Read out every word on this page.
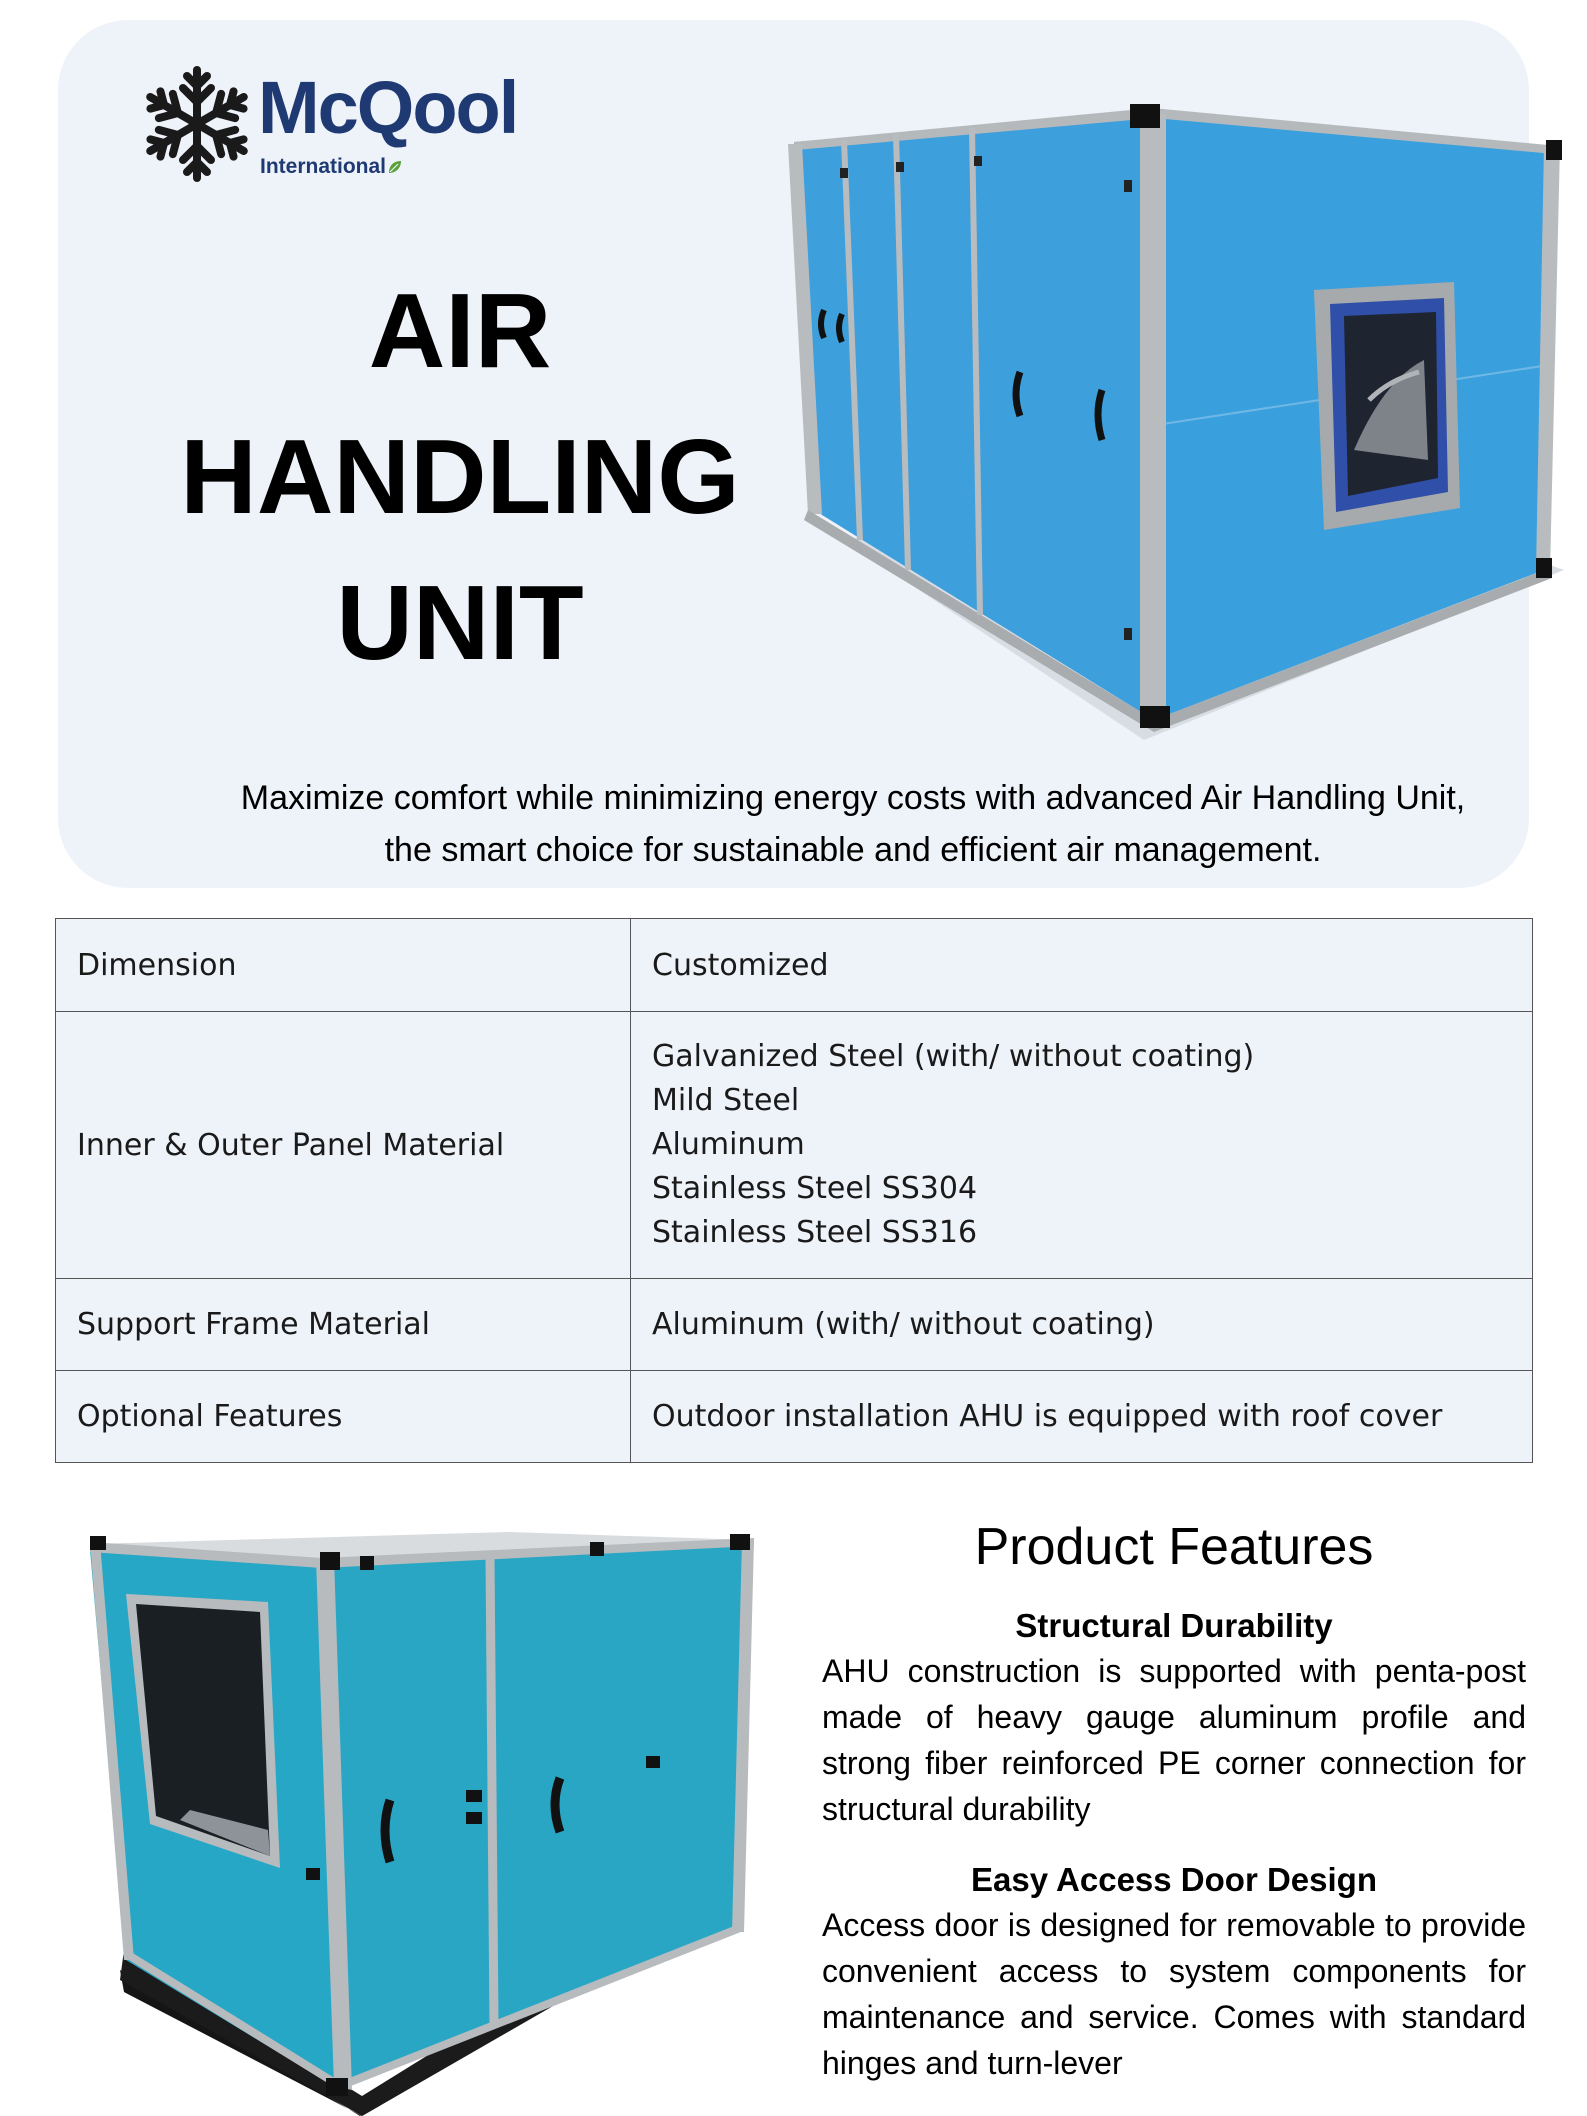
McQool
International
AIR
HANDLING
UNIT
Maximize comfort while minimizing energy costs with advanced Air Handling Unit,
the smart choice for sustainable and efficient air management.
Dimension	Customized
Inner & Outer Panel Material	Galvanized Steel (with/ without coating)
Mild Steel
Aluminum
Stainless Steel SS304
Stainless Steel SS316

Support Frame Material	Aluminum (with/ without coating)
Optional Features	Outdoor installation AHU is equipped with roof cover
Product Features
Structural Durability
AHU construction is supported with penta-post made of heavy gauge aluminum profile and strong fiber reinforced PE corner connection for structural durability
Easy Access Door Design
Access door is designed for removable to provide convenient access to system components for maintenance and service. Comes with standard hinges and turn-lever
